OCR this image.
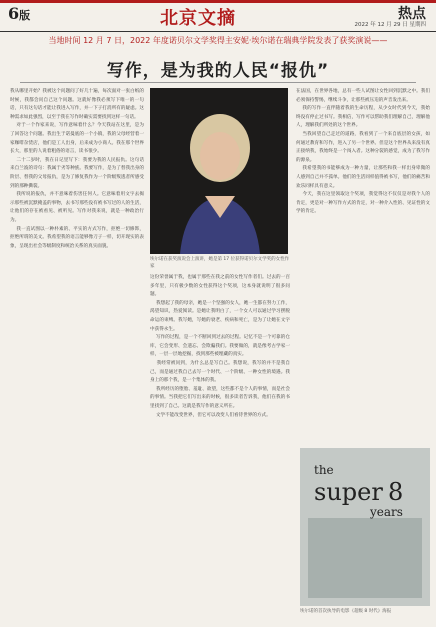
6版	北京文摘	热点
2022 年 12 月 29 日 星期四
当地时间 12 月 7 日，2022 年度诺贝尔文学奖得主安妮·埃尔诺在瑞典学院发表了获奖演说——
写作，是为我的人民“报仇”
我从哪里开始？我被这个问题问了好几十遍，每次面对一张白纸的时候，我都会问自己这个问题。这就好像我必须写下唯一的一句话，只有这句话才能让我进入写作，并一下子打消所有的疑虑。这种需求如此强烈，以至于我在写作时确实需要找到这样一句话。
对于一个作家来说，写作意味着什么？今天我站在这里，是为了回答这个问题。我出生于诺曼底的一个小镇，我的父母经营着一家咖啡杂货店，他们是工人出身，后来成为小商人。我在那个世界长大，那里的人说着粗俗的语言，读书很少。
二十二岁时，我在日记里写下：我要为我的人民报仇。这句话来自兰波的诗句：我属于劣等种族。我要写作，是为了替我出身的阶层、替我的父母报仇，是为了修复我作为一个阶级叛逃者所感受到的那种撕裂。
我所说的报仇，并不意味着伤害任何人。它意味着用文字去揭示那些被沉默掩盖的事物，去书写那些没有被书写过的人的生活，让他们的存在被看见、被听见。写作对我来说，就是一种政治行为。
我一直试图以一种朴素的、平实的方式写作，拒绝一切修饰，拒绝所谓的美文。我希望我的语言能够像刀子一样，切开现实的表象，呈现出社会等级制度和统治关系的真实面貌。
埃尔诺在获奖演说会上演讲，她是第 17 位获得诺贝尔文学奖的女性作家
这份荣誉属于我，也属于那些在我之前的女性写作者们。过去的一百多年里，只有极少数的女性获得这个奖项，这本身就说明了很多问题。
我想起了我的母亲，她是一个坚强的女人，她一生都在努力工作，渴望知识，热爱阅读。是她让我明白了，一个女人可以通过学习摆脱命运的束缚。我写她，写她的衰老、疾病和死亡，是为了让她在文字中获得永生。
写作的过程，是一个不断回到过去的过程。记忆不是一个可靠的仓库，它会变形、会遗忘、会欺骗我们。我要做的，就是像考古学家一样，一层一层地挖掘，找到那些被埋藏的真实。
我经常被问到，为什么总是写自己。我想说，我写的并不是我自己，而是通过我自己去写一个时代、一个阶级、一种女性的境遇。我身上的那个我，是一个集体的我。
我所经历的堕胎、羞耻、欲望，这些都不是个人的事情，而是社会的事情。当我把它们写出来的时候，很多读者告诉我，他们在我的书里找到了自己。这就是我写作的意义所在。
文学不能改变世界，但它可以改变人们看待世界的方式。
在法国，在世界各地，总有一些人试图让女性回到沉默之中。我们必须保持警惕，继续斗争，让那些被压迫的声音发出来。
我的写作一直伴随着我的生命历程，从少女时代到今天，我始终没有停止过书写。我相信，写作可以帮助我们理解自己，理解他人，理解我们所处的这个世界。
当我回望自己走过的道路，我看到了一个来自底层的女孩，如何通过教育和写作，进入了另一个世界。但是这个世界从来没有真正接纳我，我始终是一个闯入者。这种分裂的感觉，成为了我写作的源泉。
我希望我的书能够成为一种力量，让那些和我一样出身卑微的人感到自己并不孤单。他们的生活同样值得被书写，他们的痛苦和欢乐同样具有意义。
今天，我在这里领取这个奖项，我觉得这不仅仅是对我个人的肯定，更是对一种写作方式的肯定，对一种介入性的、见证性的文学的肯定。
the
super 8
years
埃尔诺的首次执导的电影《超级 8 时代》海报
